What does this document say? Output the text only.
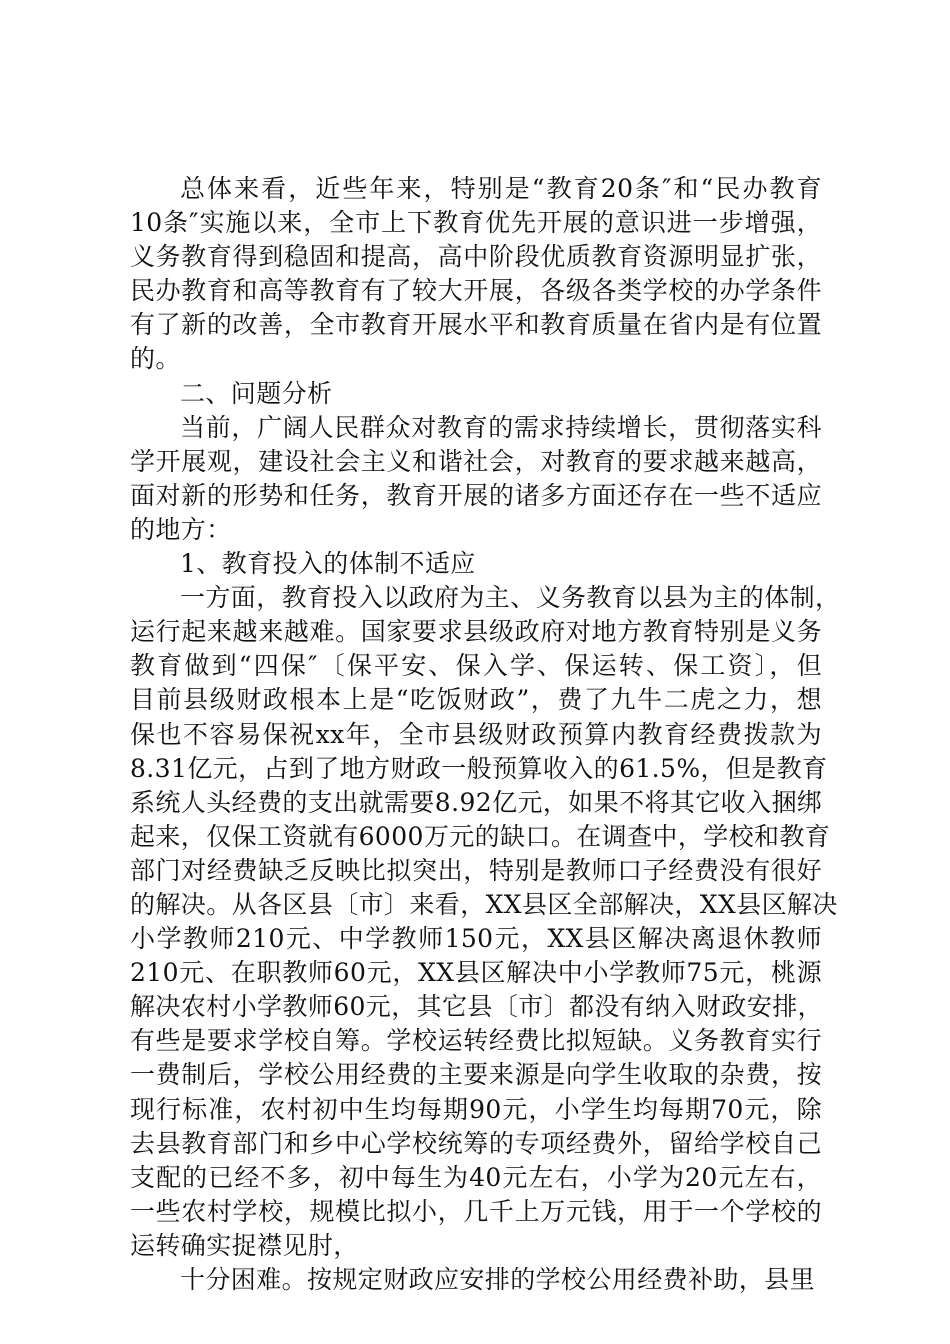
总体来看，近些年来，特别是“教育20条″和“民办教育
10条″实施以来，全市上下教育优先开展的意识进一步增强，
义务教育得到稳固和提高，高中阶段优质教育资源明显扩张，
民办教育和高等教育有了较大开展，各级各类学校的办学条件
有了新的改善，全市教育开展水平和教育质量在省内是有位置
的。
二、问题分析
当前，广阔人民群众对教育的需求持续增长，贯彻落实科
学开展观，建设社会主义和谐社会，对教育的要求越来越高，
面对新的形势和任务，教育开展的诸多方面还存在一些不适应
的地方：
1、教育投入的体制不适应
一方面，教育投入以政府为主、义务教育以县为主的体制，
运行起来越来越难。国家要求县级政府对地方教育特别是义务
教育做到“四保″〔保平安、保入学、保运转、保工资〕，但
目前县级财政根本上是“吃饭财政”，费了九牛二虎之力，想
保也不容易保祝xx年，全市县级财政预算内教育经费拨款为
8.31亿元，占到了地方财政一般预算收入的61.5%，但是教育
系统人头经费的支出就需要8.92亿元，如果不将其它收入捆绑
起来，仅保工资就有6000万元的缺口。在调查中，学校和教育
部门对经费缺乏反映比拟突出，特别是教师口子经费没有很好
的解决。从各区县〔市〕来看，XX县区全部解决，XX县区解决
小学教师210元、中学教师150元，XX县区解决离退休教师
210元、在职教师60元，XX县区解决中小学教师75元，桃源
解决农村小学教师60元，其它县〔市〕都没有纳入财政安排，
有些是要求学校自筹。学校运转经费比拟短缺。义务教育实行
一费制后，学校公用经费的主要来源是向学生收取的杂费，按
现行标准，农村初中生均每期90元，小学生均每期70元，除
去县教育部门和乡中心学校统筹的专项经费外，留给学校自己
支配的已经不多，初中每生为40元左右，小学为20元左右，
一些农村学校，规模比拟小，几千上万元钱，用于一个学校的
运转确实捉襟见肘，
十分困难。按规定财政应安排的学校公用经费补助，县里
